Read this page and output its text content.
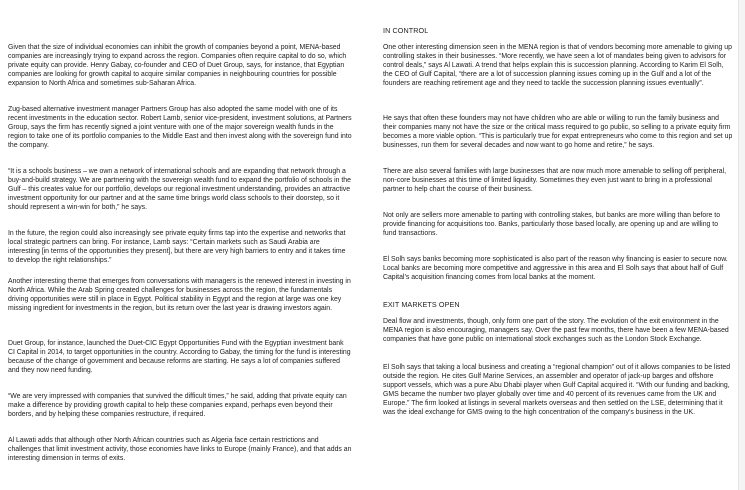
Given that the size of individual economies can inhibit the growth of companies beyond a point, MENA-based companies are increasingly trying to expand across the region. Companies often require capital to do so, which private equity can provide. Henry Gabay, co-founder and CEO of Duet Group, says, for instance, that Egyptian companies are looking for growth capital to acquire similar companies in neighbouring countries for possible expansion to North Africa and sometimes sub-Saharan Africa.

Zug-based alternative investment manager Partners Group has also adopted the same model with one of its recent investments in the education sector. Robert Lamb, senior vice-president, investment solutions, at Partners Group, says the firm has recently signed a joint venture with one of the major sovereign wealth funds in the region to take one of its portfolio companies to the Middle East and then invest along with the sovereign fund into the company.

“It is a schools business – we own a network of international schools and are expanding that network through a buy-and-build strategy. We are partnering with the sovereign wealth fund to expand the portfolio of schools in the Gulf – this creates value for our portfolio, develops our regional investment understanding, provides an attractive investment opportunity for our partner and at the same time brings world class schools to their doorstep, so it should represent a win-win for both,” he says.

In the future, the region could also increasingly see private equity firms tap into the expertise and networks that local strategic partners can bring. For instance, Lamb says: “Certain markets such as Saudi Arabia are interesting [in terms of the opportunities they present], but there are very high barriers to entry and it takes time to develop the right relationships.”

Another interesting theme that emerges from conversations with managers is the renewed interest in investing in North Africa. While the Arab Spring created challenges for businesses across the region, the fundamentals driving opportunities were still in place in Egypt. Political stability in Egypt and the region at large was one key missing ingredient for investments in the region, but its return over the last year is drawing investors again.

Duet Group, for instance, launched the Duet-CIC Egypt Opportunities Fund with the Egyptian investment bank CI Capital in 2014, to target opportunities in the country. According to Gabay, the timing for the fund is interesting because of the change of government and because reforms are starting. He says a lot of companies suffered and they now need funding.

“We are very impressed with companies that survived the difficult times,” he said, adding that private equity can make a difference by providing growth capital to help these companies expand, perhaps even beyond their borders, and by helping these companies restructure, if required.

Al Lawati adds that although other North African countries such as Algeria face certain restrictions and challenges that limit investment activity, those economies have links to Europe (mainly France), and that adds an interesting dimension in terms of exits.

IN CONTROL

One other interesting dimension seen in the MENA region is that of vendors becoming more amenable to giving up controlling stakes in their businesses. “More recently, we have seen a lot of mandates being given to advisors for control deals,” says Al Lawati. A trend that helps explain this is succession planning. According to Karim El Solh, the CEO of Gulf Capital, “there are a lot of succession planning issues coming up in the Gulf and a lot of the founders are reaching retirement age and they need to tackle the succession planning issues eventually”.

He says that often these founders may not have children who are able or willing to run the family business and their companies many not have the size or the critical mass required to go public, so selling to a private equity firm becomes a more viable option. “This is particularly true for expat entrepreneurs who come to this region and set up businesses, run them for several decades and now want to go home and retire,” he says.

There are also several families with large businesses that are now much more amenable to selling off peripheral, non-core businesses at this time of limited liquidity. Sometimes they even just want to bring in a professional partner to help chart the course of their business.

Not only are sellers more amenable to parting with controlling stakes, but banks are more willing than before to provide financing for acquisitions too. Banks, particularly those based locally, are opening up and are willing to fund transactions.

El Solh says banks becoming more sophisticated is also part of the reason why financing is easier to secure now. Local banks are becoming more competitive and aggressive in this area and El Solh says that about half of Gulf Capital’s acquisition financing comes from local banks at the moment.

EXIT MARKETS OPEN

Deal flow and investments, though, only form one part of the story. The evolution of the exit environment in the MENA region is also encouraging, managers say. Over the past few months, there have been a few MENA-based companies that have gone public on international stock exchanges such as the London Stock Exchange.

El Solh says that taking a local business and creating a “regional champion” out of it allows companies to be listed outside the region. He cites Gulf Marine Services, an assembler and operator of jack-up barges and offshore support vessels, which was a pure Abu Dhabi player when Gulf Capital acquired it. “With our funding and backing, GMS became the number two player globally over time and 40 percent of its revenues came from the UK and Europe.” The firm looked at listings in several markets overseas and then settled on the LSE, determining that it was the ideal exchange for GMS owing to the high concentration of the company’s business in the UK.
